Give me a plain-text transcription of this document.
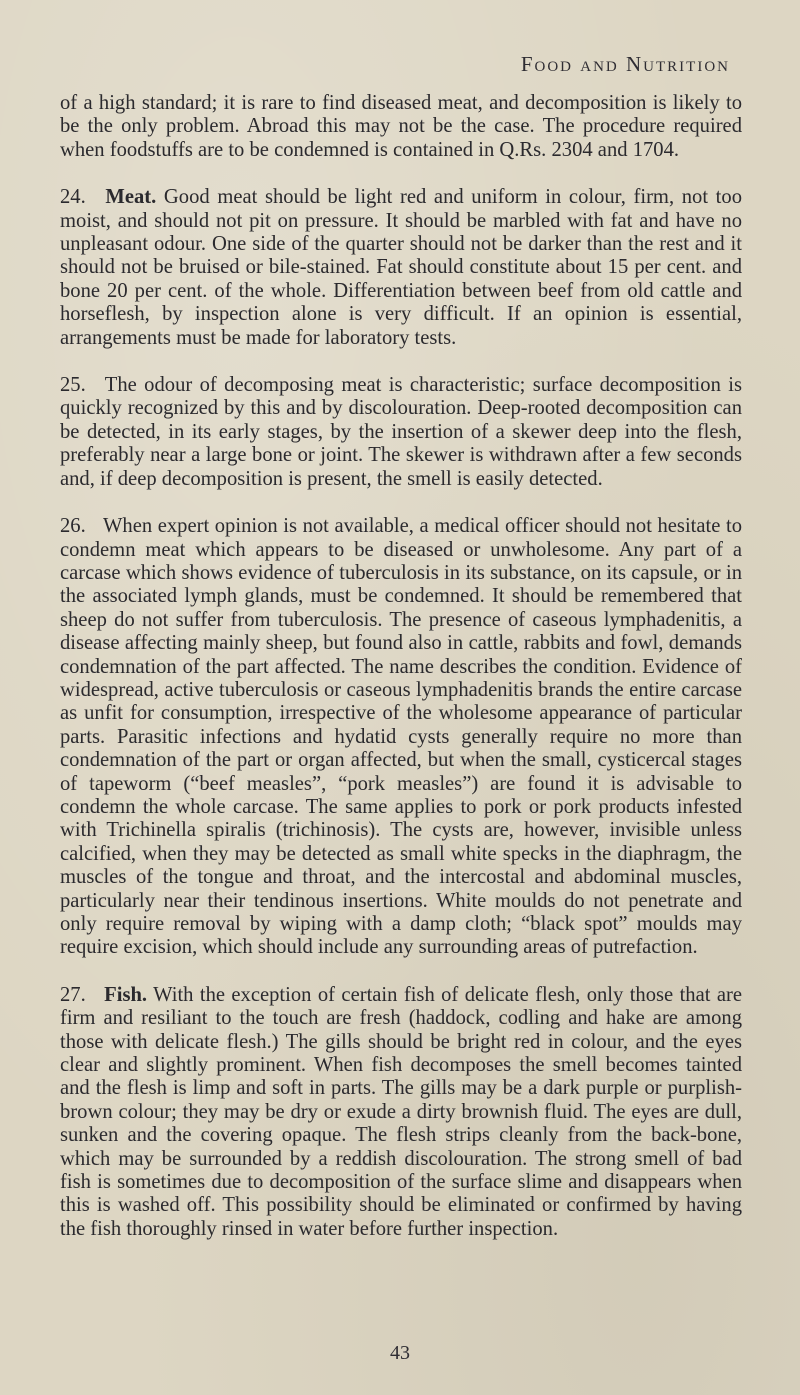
Food and Nutrition

of a high standard; it is rare to find diseased meat, and decomposition is likely to be the only problem. Abroad this may not be the case. The procedure required when foodstuffs are to be condemned is contained in Q.Rs. 2304 and 1704.

24. Meat. Good meat should be light red and uniform in colour, firm, not too moist, and should not pit on pressure. It should be marbled with fat and have no unpleasant odour. One side of the quarter should not be darker than the rest and it should not be bruised or bile-stained. Fat should constitute about 15 per cent. and bone 20 per cent. of the whole. Differentiation between beef from old cattle and horseflesh, by inspection alone is very difficult. If an opinion is essential, arrangements must be made for laboratory tests.

25. The odour of decomposing meat is characteristic; surface decomposition is quickly recognized by this and by discolouration. Deep-rooted decomposition can be detected, in its early stages, by the insertion of a skewer deep into the flesh, preferably near a large bone or joint. The skewer is withdrawn after a few seconds and, if deep decomposition is present, the smell is easily detected.

26. When expert opinion is not available, a medical officer should not hesitate to condemn meat which appears to be diseased or unwholesome. Any part of a carcase which shows evidence of tuberculosis in its substance, on its capsule, or in the associated lymph glands, must be condemned. It should be remembered that sheep do not suffer from tuberculosis. The presence of caseous lymphadenitis, a disease affecting mainly sheep, but found also in cattle, rabbits and fowl, demands condemnation of the part affected. The name describes the condition. Evidence of widespread, active tuberculosis or caseous lymphadenitis brands the entire carcase as unfit for consumption, irrespective of the wholesome appearance of particular parts. Parasitic infections and hydatid cysts generally require no more than condemnation of the part or organ affected, but when the small, cysticercal stages of tapeworm (“beef measles”, “pork measles”) are found it is advisable to condemn the whole carcase. The same applies to pork or pork products infested with Trichinella spiralis (trichinosis). The cysts are, however, invisible unless calcified, when they may be detected as small white specks in the diaphragm, the muscles of the tongue and throat, and the intercostal and abdominal muscles, particularly near their tendinous insertions. White moulds do not penetrate and only require removal by wiping with a damp cloth; “black spot” moulds may require excision, which should include any surrounding areas of putrefaction.

27. Fish. With the exception of certain fish of delicate flesh, only those that are firm and resiliant to the touch are fresh (haddock, codling and hake are among those with delicate flesh.) The gills should be bright red in colour, and the eyes clear and slightly prominent. When fish decomposes the smell becomes tainted and the flesh is limp and soft in parts. The gills may be a dark purple or purplish-brown colour; they may be dry or exude a dirty brownish fluid. The eyes are dull, sunken and the covering opaque. The flesh strips cleanly from the back-bone, which may be surrounded by a reddish discolouration. The strong smell of bad fish is sometimes due to decomposition of the surface slime and disappears when this is washed off. This possibility should be eliminated or confirmed by having the fish thoroughly rinsed in water before further inspection.

43
